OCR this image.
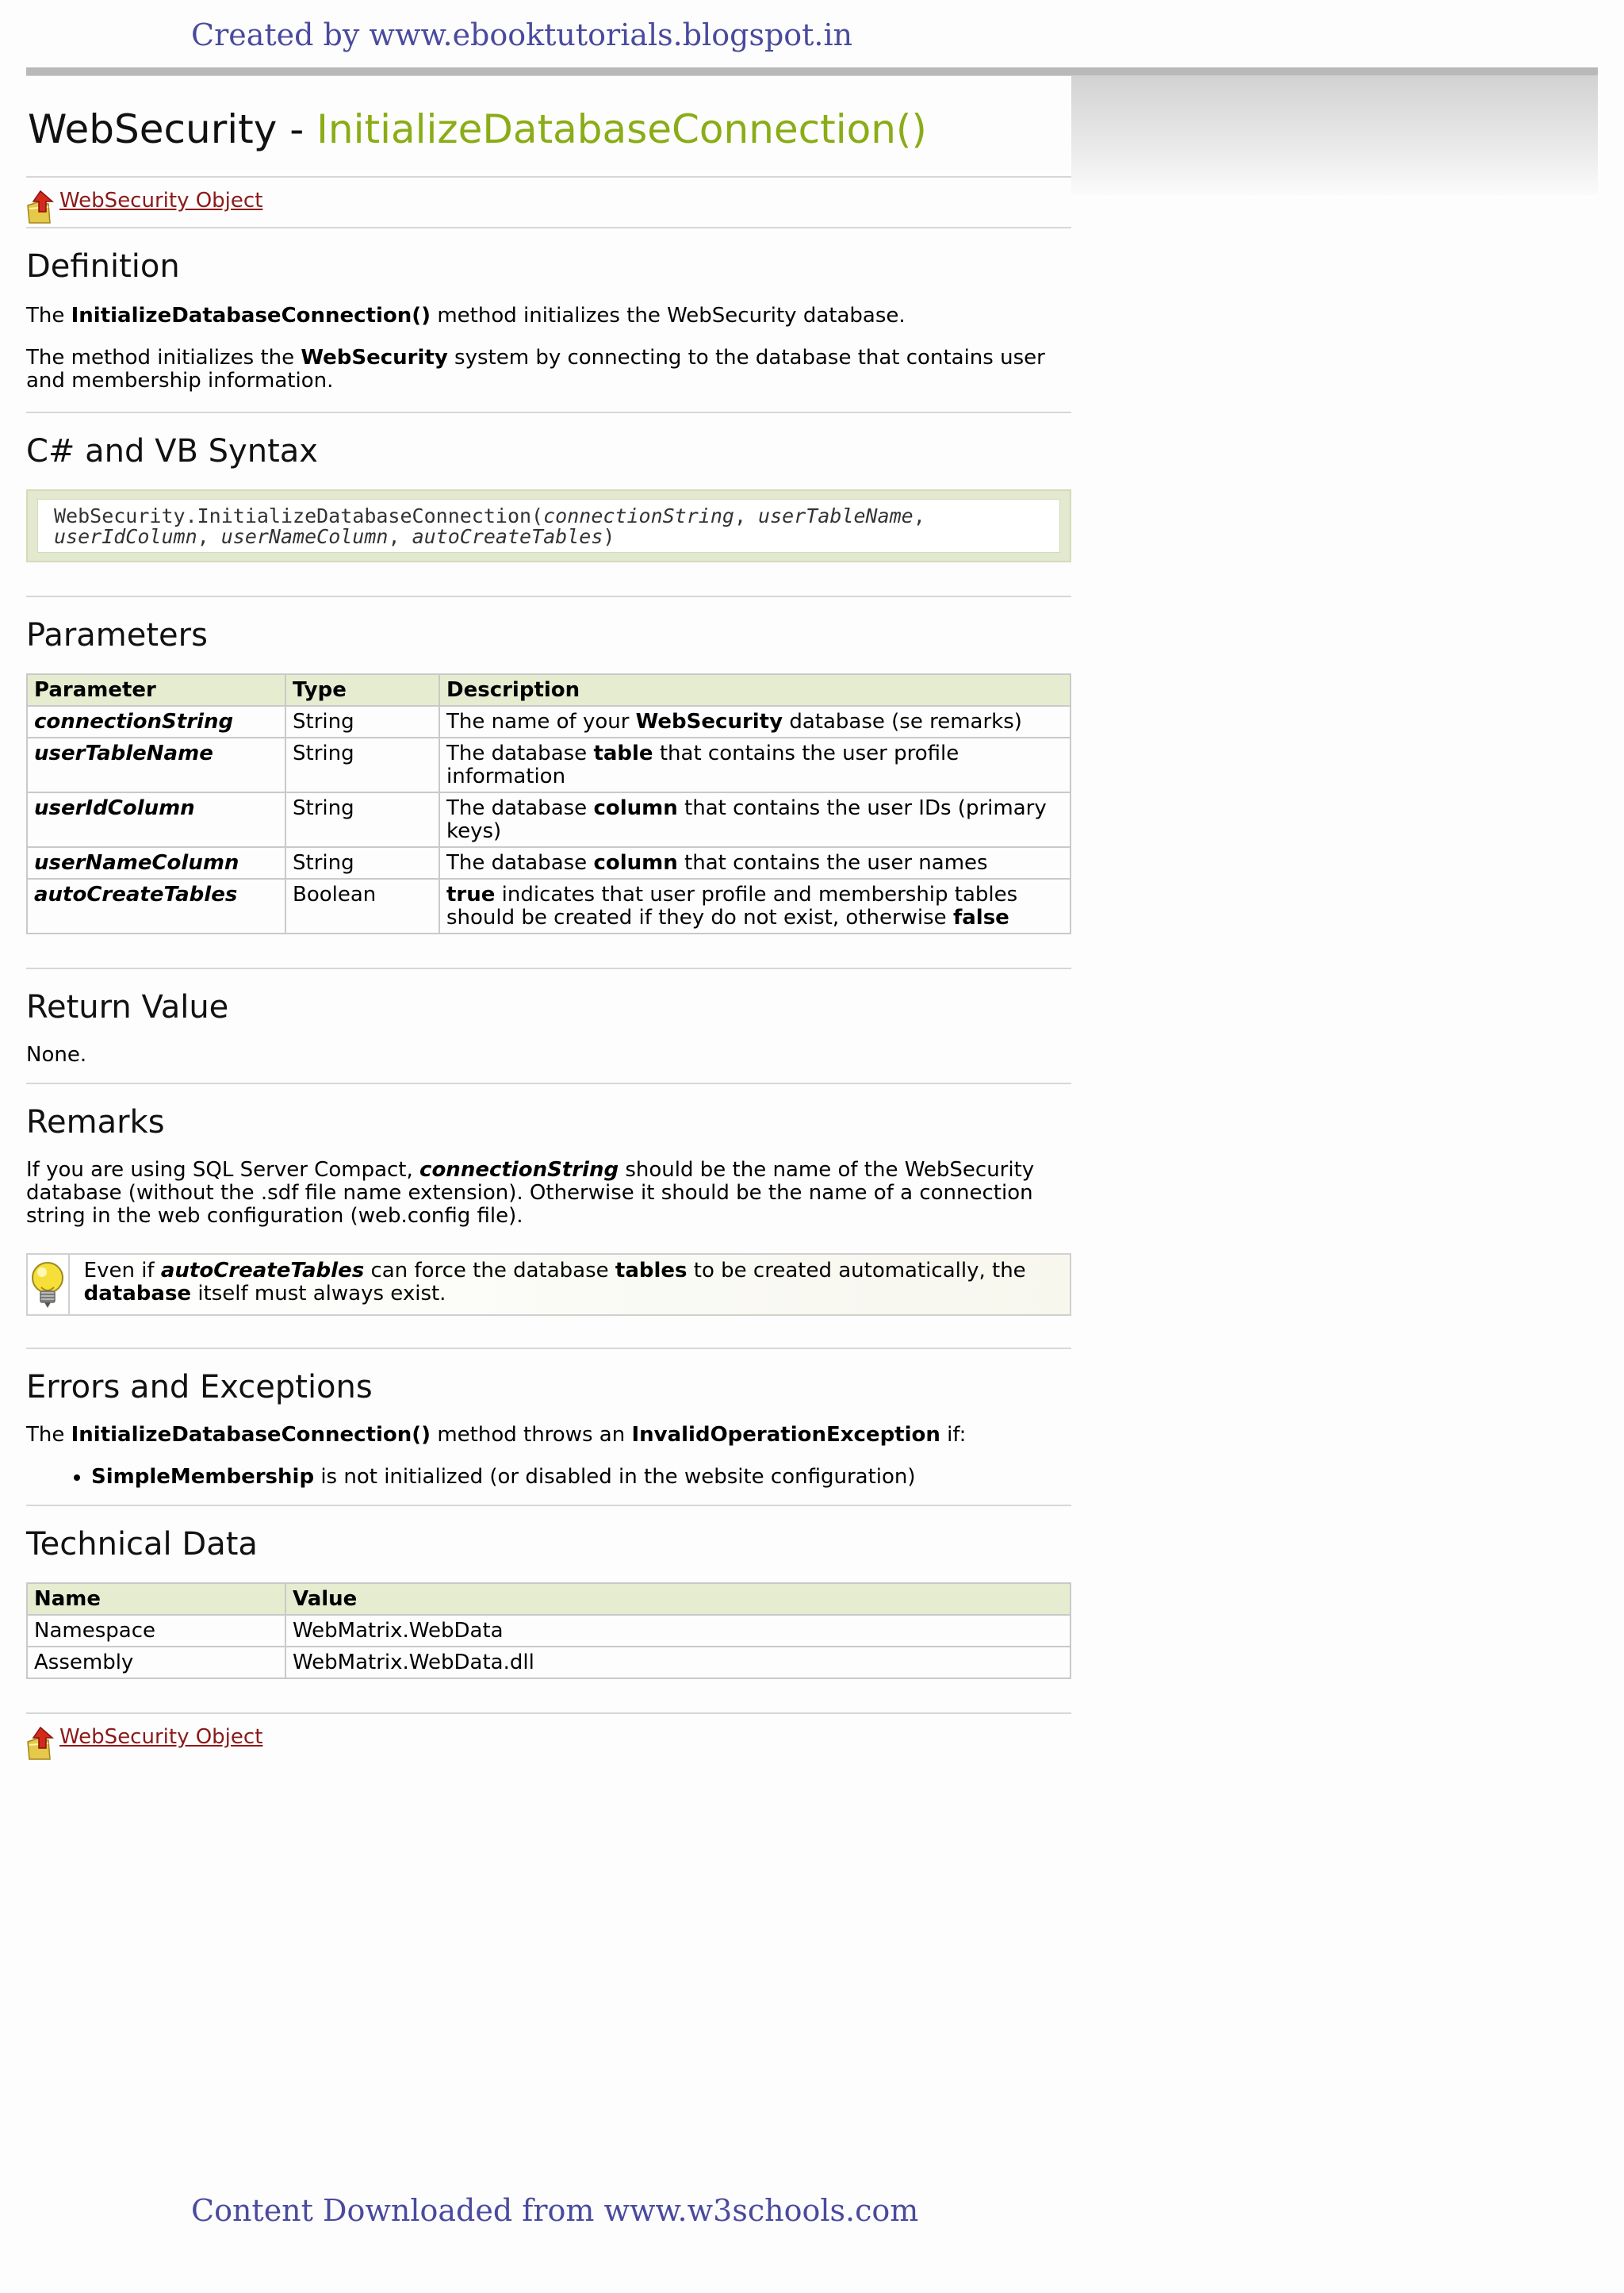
Created by www.ebooktutorials.blogspot.in
WebSecurity - InitializeDatabaseConnection()
WebSecurity Object
Definition

The InitializeDatabaseConnection() method initializes the WebSecurity database.

The method initializes the WebSecurity system by connecting to the database that contains user and membership information.

C# and VB Syntax
WebSecurity.InitializeDatabaseConnection(connectionString, userTableName,
userIdColumn, userNameColumn, autoCreateTables)
Parameters
Parameter	Type	Description
connectionString	String	The name of your WebSecurity database (se remarks)
userTableName	String	The database table that contains the user profile information
userIdColumn	String	The database column that contains the user IDs (primary keys)
userNameColumn	String	The database column that contains the user names
autoCreateTables	Boolean	true indicates that user profile and membership tables should be created if they do not exist, otherwise false
Return Value

None.

Remarks

If you are using SQL Server Compact, connectionString should be the name of the WebSecurity database (without the .sdf file name extension). Otherwise it should be the name of a connection string in the web configuration (web.config file).

Even if autoCreateTables can force the database tables to be created automatically, the database itself must always exist.
Errors and Exceptions

The InitializeDatabaseConnection() method throws an InvalidOperationException if:

• SimpleMembership is not initialized (or disabled in the website configuration)
Technical Data
Name	Value
Namespace	WebMatrix.WebData
Assembly	WebMatrix.WebData.dll
WebSecurity Object
Content Downloaded from www.w3schools.com
